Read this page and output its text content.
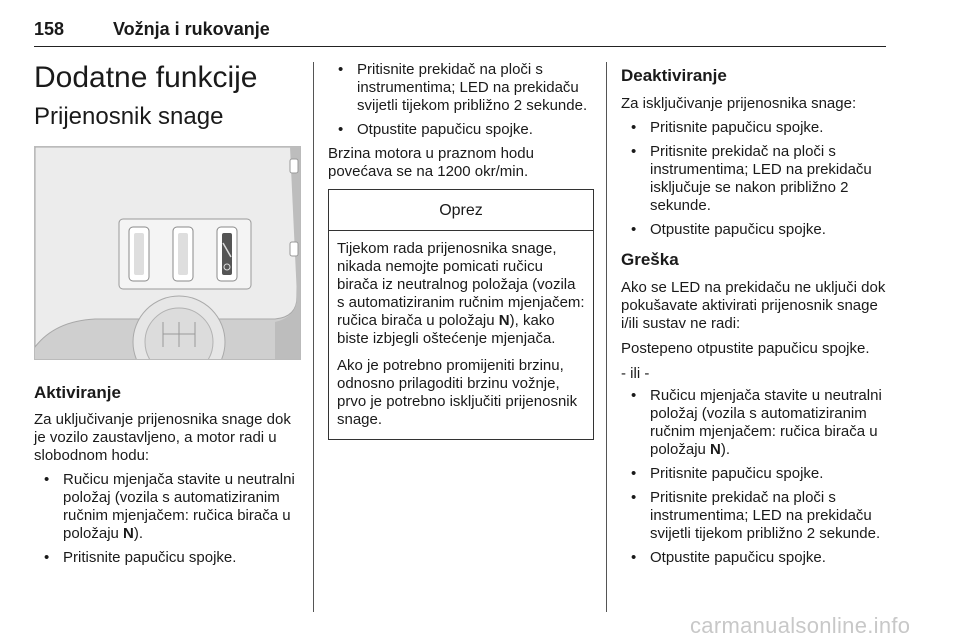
158	Vožnja i rukovanje
Dodatne funkcije
Prijenosnik snage
Aktiviranje

Za uključivanje prijenosnika snage dok je vozilo zaustavljeno, a motor radi u slobodnom hodu:

• Ručicu mjenjača stavite u neutralni položaj (vozila s automatiziranim ručnim mjenjačem: ručica birača u položaju N).
• Pritisnite papučicu spojke.
• Pritisnite prekidač na ploči s instrumentima; LED na prekidaču svijetli tijekom približno 2 sekunde.
• Otpustite papučicu spojke.

Brzina motora u praznom hodu povećava se na 1200 okr/min.

Oprez

Tijekom rada prijenosnika snage, nikada nemojte pomicati ručicu birača iz neutralnog položaja (vozila s automatiziranim ručnim mjenjačem: ručica birača u položaju N), kako biste izbjegli oštećenje mjenjača.

Ako je potrebno promijeniti brzinu, odnosno prilagoditi brzinu vožnje, prvo je potrebno isključiti prijenosnik snage.

Deaktiviranje

Za isključivanje prijenosnika snage:

• Pritisnite papučicu spojke.
• Pritisnite prekidač na ploči s instrumentima; LED na prekidaču isključuje se nakon približno 2 sekunde.
• Otpustite papučicu spojke.
Greška

Ako se LED na prekidaču ne uključi dok pokušavate aktivirati prijenosnik snage i/ili sustav ne radi:

Postepeno otpustite papučicu spojke.

- ili -

• Ručicu mjenjača stavite u neutralni položaj (vozila s automatiziranim ručnim mjenjačem: ručica birača u položaju N).
• Pritisnite papučicu spojke.
• Pritisnite prekidač na ploči s instrumentima; LED na prekidaču svijetli tijekom približno 2 sekunde.
• Otpustite papučicu spojke.
carmanualsonline.info
